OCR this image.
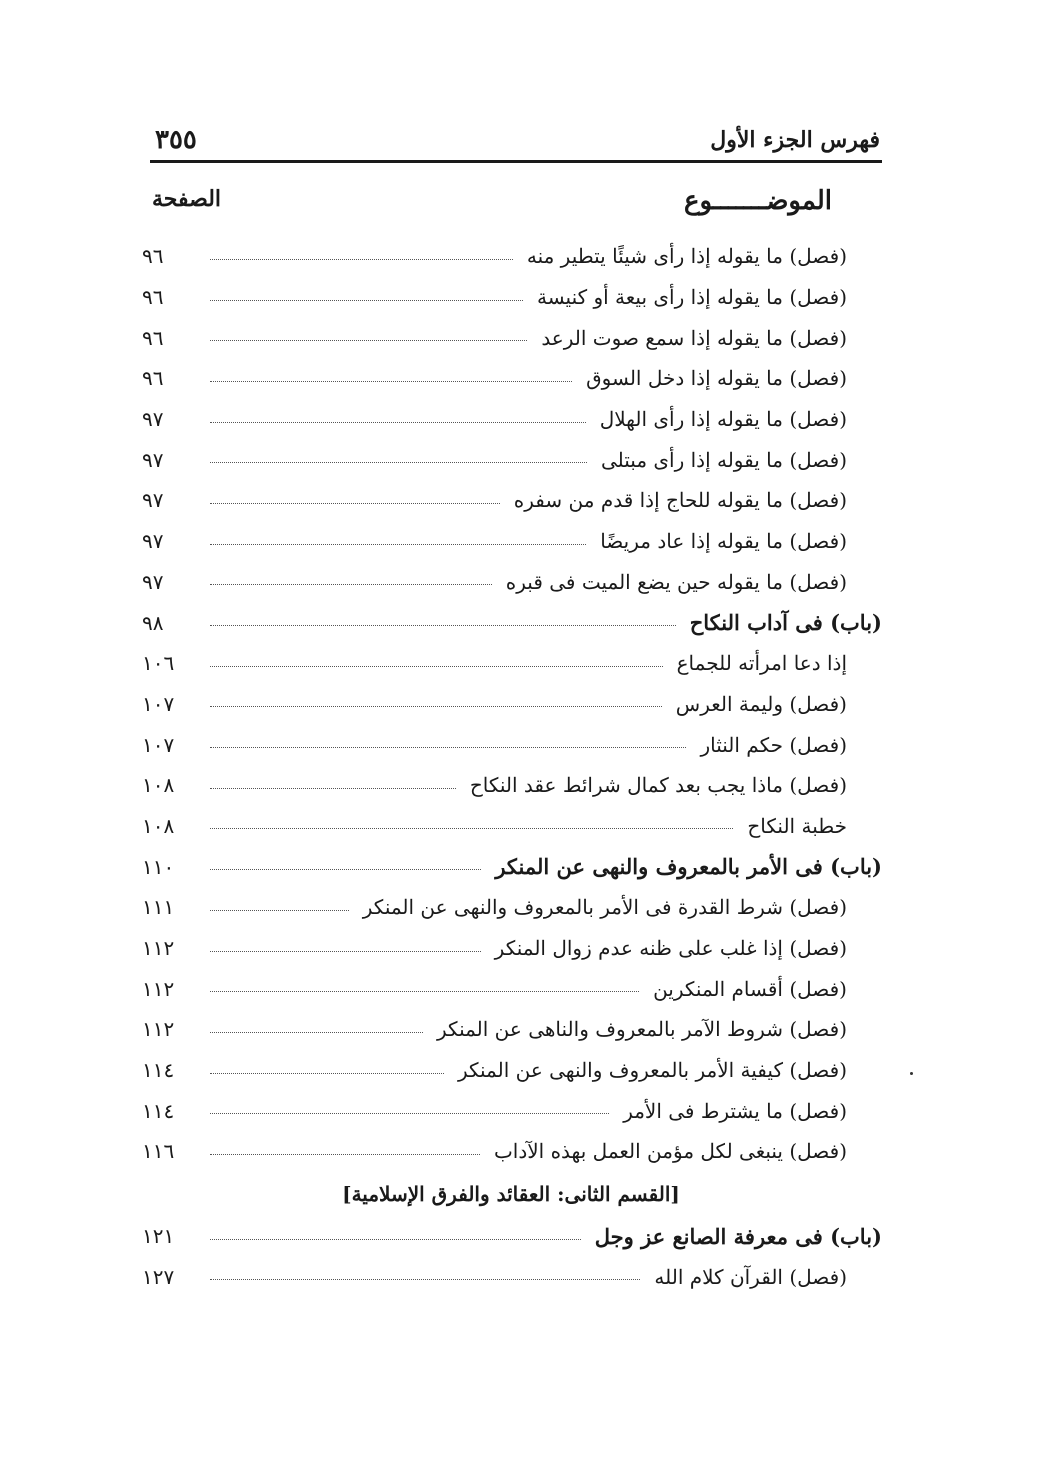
فهرس الجزء الأول
٣٥٥
الموضـــــــوع
الصفحة
(فصل) ما يقوله إذا رأى شيئًا يتطير منه
٩٦
(فصل) ما يقوله إذا رأى بيعة أو كنيسة
٩٦
(فصل) ما يقوله إذا سمع صوت الرعد
٩٦
(فصل) ما يقوله إذا دخل السوق
٩٦
(فصل) ما يقوله إذا رأى الهلال
٩٧
(فصل) ما يقوله إذا رأى مبتلى
٩٧
(فصل) ما يقوله للحاج إذا قدم من سفره
٩٧
(فصل) ما يقوله إذا عاد مريضًا
٩٧
(فصل) ما يقوله حين يضع الميت فى قبره
٩٧
(باب) فى آداب النكاح
٩٨
إذا دعا امرأته للجماع
١٠٦
(فصل) وليمة العرس
١٠٧
(فصل) حكم النثار
١٠٧
(فصل) ماذا يجب بعد كمال شرائط عقد النكاح
١٠٨
خطبة النكاح
١٠٨
(باب) فى الأمر بالمعروف والنهى عن المنكر
١١٠
(فصل) شرط القدرة فى الأمر بالمعروف والنهى عن المنكر
١١١
(فصل) إذا غلب على ظنه عدم زوال المنكر
١١٢
(فصل) أقسام المنكرين
١١٢
(فصل) شروط الآمر بالمعروف والناهى عن المنكر
١١٢
(فصل) كيفية الأمر بالمعروف والنهى عن المنكر
١١٤
(فصل) ما يشترط فى الأمر
١١٤
(فصل) ينبغى لكل مؤمن العمل بهذه الآداب
١١٦
[القسم الثانى: العقائد والفرق الإسلامية]
(باب) فى معرفة الصانع عز وجل
١٢١
(فصل) القرآن كلام الله
١٢٧
